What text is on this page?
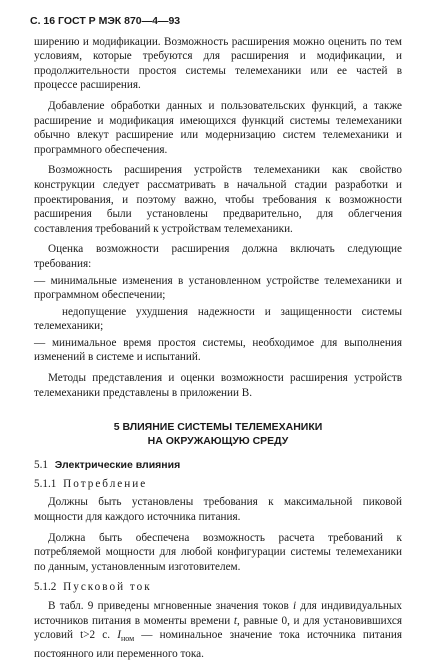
С. 16 ГОСТ Р МЭК 870—4—93

ширению и модификации. Возможность расширения можно оценить по тем условиям, которые требуются для расширения и модификации, и продолжительности простоя системы телемеханики или ее частей в процессе расширения.

Добавление обработки данных и пользовательских функций, а также расширение и модификация имеющихся функций системы телемеханики обычно влекут расширение или модернизацию систем телемеханики и программного обеспечения.

Возможность расширения устройств телемеханики как свойство конструкции следует рассматривать в начальной стадии разработки и проектирования, и поэтому важно, чтобы требования к возможности расширения были установлены предварительно, для облегчения составления требований к устройствам телемеханики.

Оценка возможности расширения должна включать следующие требования:

— минимальные изменения в установленном устройстве телемеханики и программном обеспечении;

недопущение ухудшения надежности и защищенности системы телемеханики;

— минимальное время простоя системы, необходимое для выполнения изменений в системе и испытаний.

Методы представления и оценки возможности расширения устройств телемеханики представлены в приложении В.

5 ВЛИЯНИЕ СИСТЕМЫ ТЕЛЕМЕХАНИКИ
НА ОКРУЖАЮЩУЮ СРЕДУ

5.1 Электрические влияния

5.1.1 Потребление

Должны быть установлены требования к максимальной пиковой мощности для каждого источника питания.

Должна быть обеспечена возможность расчета требований к потребляемой мощности для любой конфигурации системы телемеханики по данным, установленным изготовителем.

5.1.2 Пусковой ток

В табл. 9 приведены мгновенные значения токов i для индивидуальных источников питания в моменты времени t, равные 0, и для установившихся условий t>2 с. $I_{ном}$ — номинальное значение тока источника питания постоянного или переменного тока.
